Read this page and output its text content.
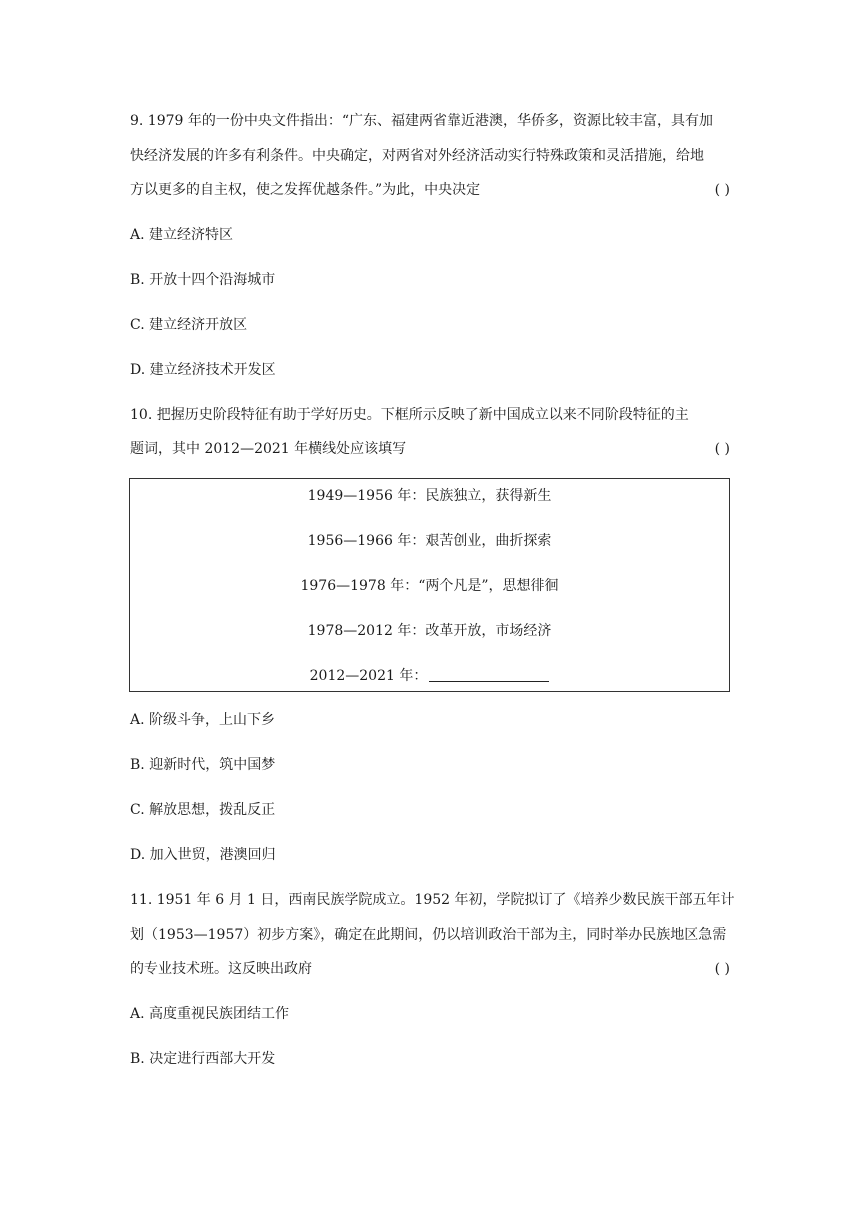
9. 1979 年的一份中央文件指出：“广东、福建两省靠近港澳，华侨多，资源比较丰富，具有加
快经济发展的许多有利条件。中央确定，对两省对外经济活动实行特殊政策和灵活措施，给地
方以更多的自主权，使之发挥优越条件。”为此，中央决定	( )
A. 建立经济特区
B. 开放十四个沿海城市
C. 建立经济开放区
D. 建立经济技术开发区
10. 把握历史阶段特征有助于学好历史。下框所示反映了新中国成立以来不同阶段特征的主
题词，其中 2012—2021 年横线处应该填写	( )
1949—1956 年：民族独立，获得新生
1956—1966 年：艰苦创业，曲折探索
1976—1978 年：“两个凡是”，思想徘徊
1978—2012 年：改革开放，市场经济
2012—2021 年：
A. 阶级斗争，上山下乡
B. 迎新时代，筑中国梦
C. 解放思想，拨乱反正
D. 加入世贸，港澳回归
11. 1951 年 6 月 1 日，西南民族学院成立。1952 年初，学院拟订了《培养少数民族干部五年计
划（1953—1957）初步方案》，确定在此期间，仍以培训政治干部为主，同时举办民族地区急需
的专业技术班。这反映出政府	( )
A. 高度重视民族团结工作
B. 决定进行西部大开发
